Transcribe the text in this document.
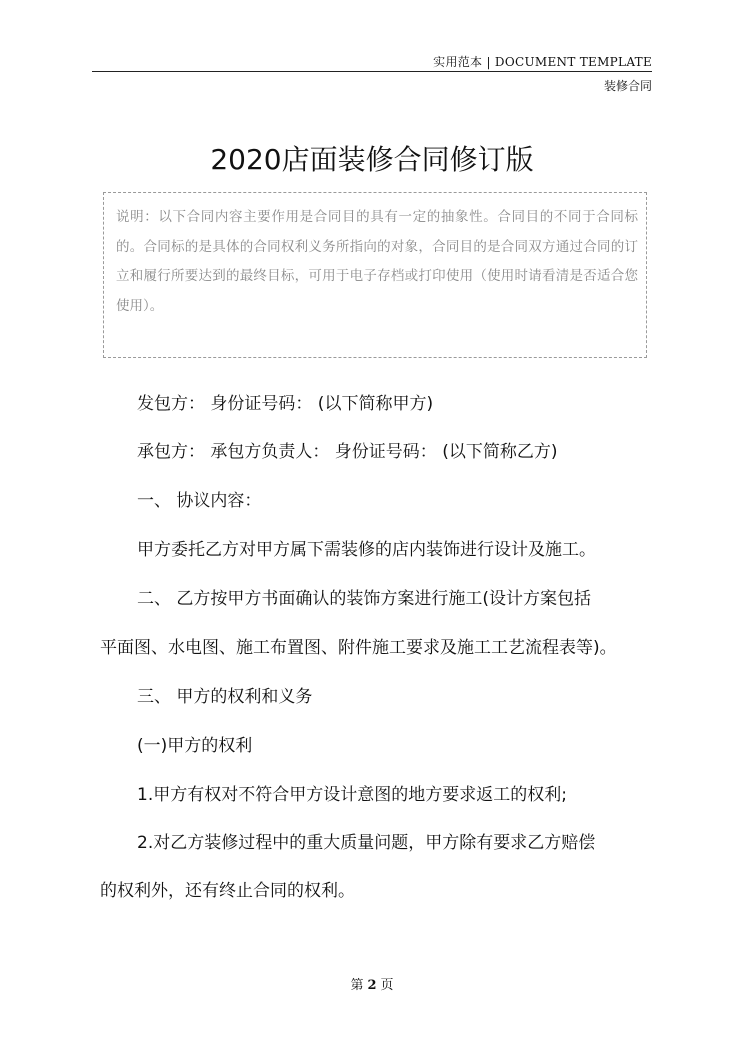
实用范本 | DOCUMENT TEMPLATE
装修合同
2020店面装修合同修订版
说明：以下合同内容主要作用是合同目的具有一定的抽象性。合同目的不同于合同标的。合同标的是具体的合同权利义务所指向的对象，合同目的是合同双方通过合同的订立和履行所要达到的最终目标，可用于电子存档或打印使用（使用时请看清是否适合您使用）。
发包方： 身份证号码： (以下简称甲方)
承包方： 承包方负责人： 身份证号码： (以下简称乙方)
一、 协议内容：
甲方委托乙方对甲方属下需装修的店内装饰进行设计及施工。
二、 乙方按甲方书面确认的装饰方案进行施工(设计方案包括
平面图、水电图、施工布置图、附件施工要求及施工工艺流程表等)。
三、 甲方的权利和义务
(一)甲方的权利
1.甲方有权对不符合甲方设计意图的地方要求返工的权利;
2.对乙方装修过程中的重大质量问题，甲方除有要求乙方赔偿
的权利外，还有终止合同的权利。
第 2 页
